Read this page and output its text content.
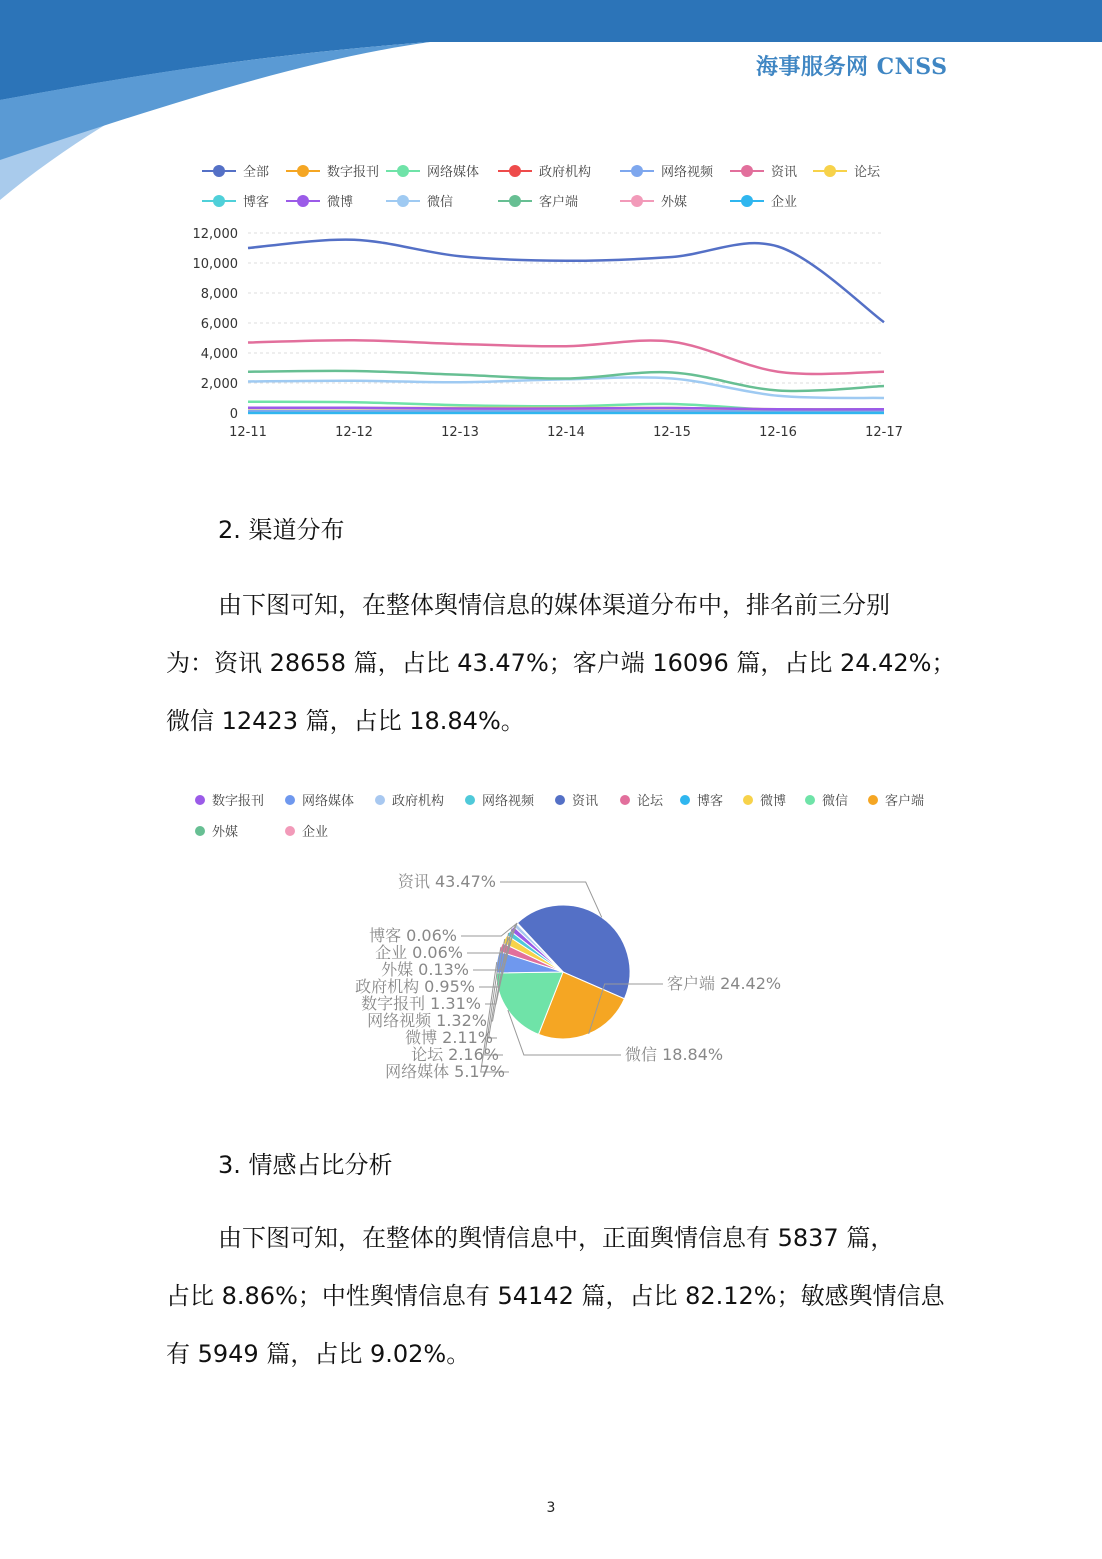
海事服务网 CNSS
全部	数字报刊	网络媒体	政府机构	网络视频	资讯	论坛
博客	微博	微信	客户端	外媒	企业
0
2,000
4,000
6,000
8,000
10,000
12,000
12-11	12-12	12-13	12-14	12-15	12-16	12-17
2. 渠道分布
由下图可知，在整体舆情信息的媒体渠道分布中，排名前三分别
为：资讯 28658 篇，占比 43.47%；客户端 16096 篇，占比 24.42%；
微信 12423 篇，占比 18.84%。
数字报刊	网络媒体	政府机构	网络视频	资讯	论坛	博客	微博	微信	客户端
外媒	企业
资讯 43.47%
客户端 24.42%
微信 18.84%
网络媒体 5.17%
论坛 2.16%
微博 2.11%
网络视频 1.32%
数字报刊 1.31%
政府机构 0.95%
外媒 0.13%
企业 0.06%
博客 0.06%
3. 情感占比分析
由下图可知，在整体的舆情信息中，正面舆情信息有 5837 篇，
占比 8.86%；中性舆情信息有 54142 篇，占比 82.12%；敏感舆情信息
有 5949 篇，占比 9.02%。
3
